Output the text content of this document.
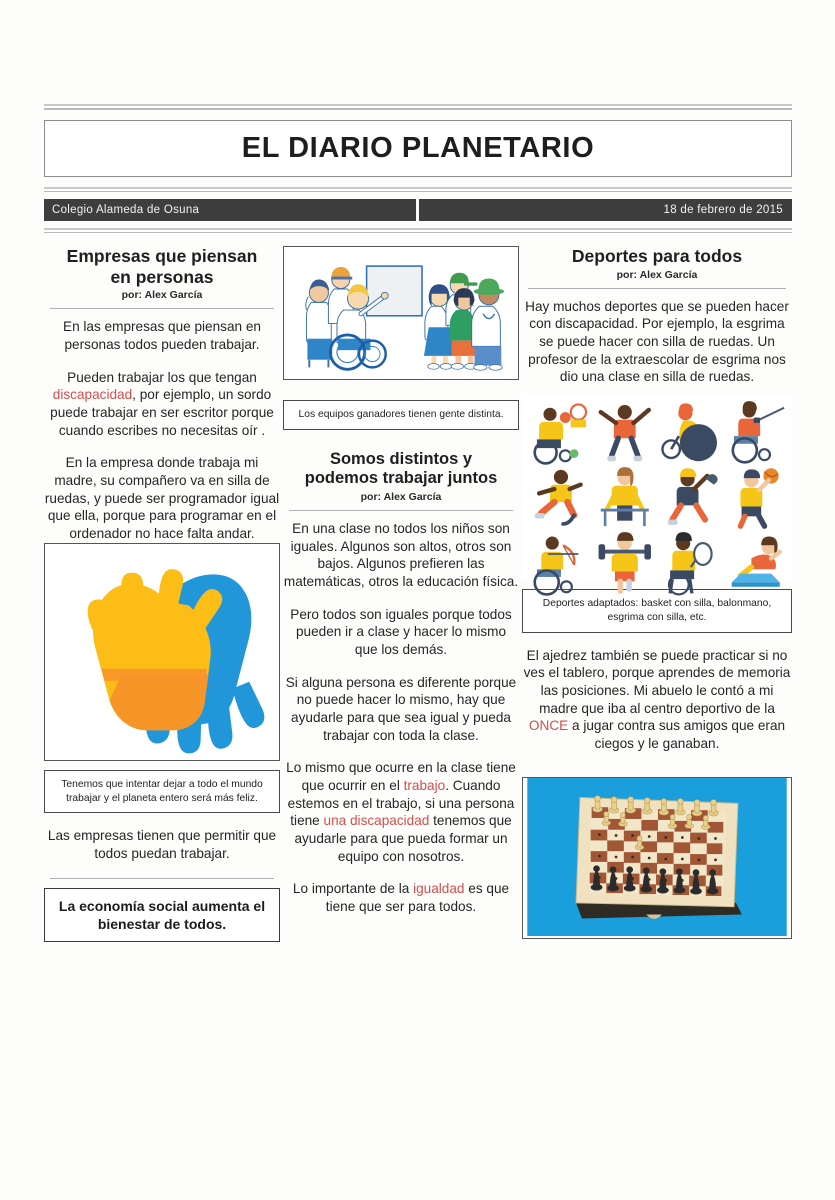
EL DIARIO PLANETARIO
Colegio Alameda de Osuna	18 de febrero de 2015
Empresas que piensan
en personas
por: Alex García

En las empresas que piensan en personas todos pueden trabajar.

Pueden trabajar los que tengan discapacidad, por ejemplo, un sordo puede trabajar en ser escritor porque cuando escribes no necesitas oír .

En la empresa donde trabaja mi madre, su compañero va en silla de ruedas, y puede ser programador igual que ella, porque para programar en el ordenador no hace falta andar.

Tenemos que intentar dejar a todo el mundo trabajar y el planeta entero será más feliz.

Las empresas tienen que permitir que todos puedan trabajar.

La economía social aumenta el bienestar de todos.
Los equipos ganadores tienen gente distinta.
Somos distintos y
podemos trabajar juntos
por: Alex García

En una clase no todos los niños son iguales. Algunos son altos, otros son bajos. Algunos prefieren las matemáticas, otros la educación física.

Pero todos son iguales porque todos pueden ir a clase y hacer lo mismo que los demás.

Si alguna persona es diferente porque no puede hacer lo mismo, hay que ayudarle para que sea igual y pueda trabajar con toda la clase.

Lo mismo que ocurre en la clase tiene que ocurrir en el trabajo. Cuando estemos en el trabajo, si una persona tiene una discapacidad tenemos que ayudarle para que pueda formar un equipo con nosotros.

Lo importante de la igualdad es que tiene que ser para todos.

Deportes para todos
por: Alex García

Hay muchos deportes que se pueden hacer con discapacidad. Por ejemplo, la esgrima se puede hacer con silla de ruedas. Un profesor de la extraescolar de esgrima nos dio una clase en silla de ruedas.

Deportes adaptados: basket con silla, balonmano, esgrima con silla, etc.

El ajedrez también se puede practicar si no ves el tablero, porque aprendes de memoria las posiciones. Mi abuelo le contó a mi madre que iba al centro deportivo de la ONCE a jugar contra sus amigos que eran ciegos y le ganaban.
